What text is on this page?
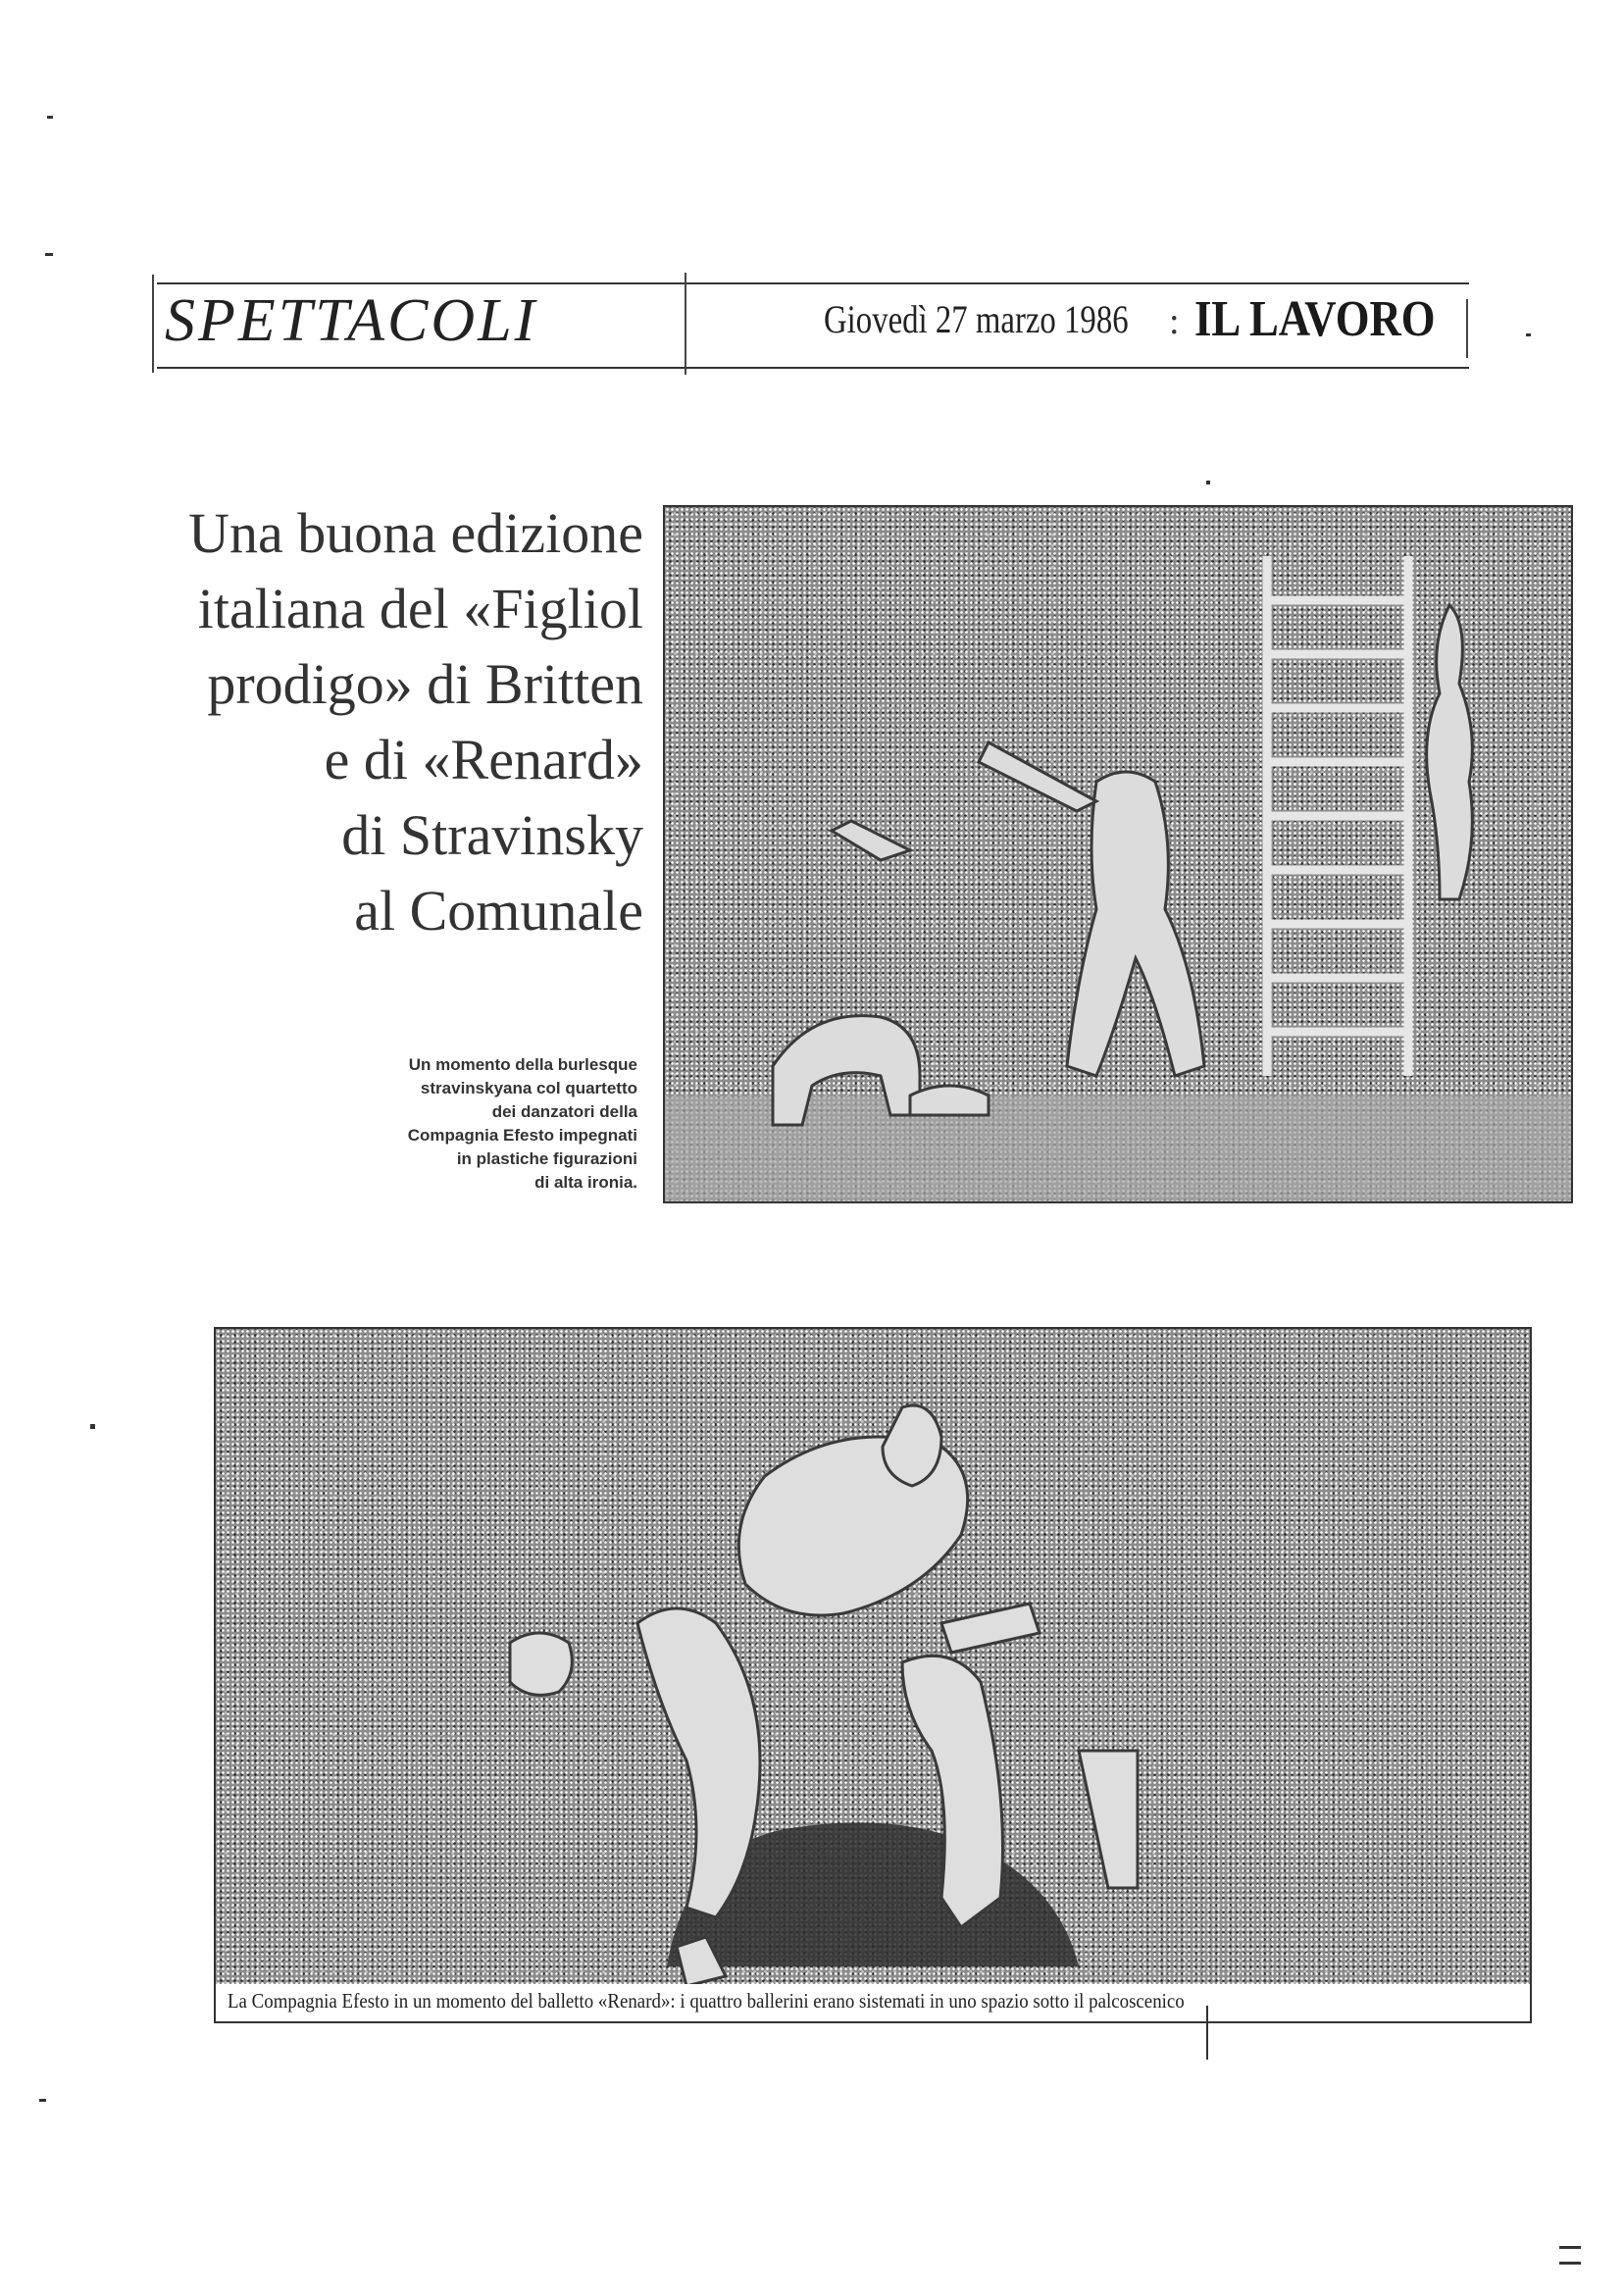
SPETTACOLI	Giovedì 27 marzo 1986 : IL LAVORO
Una buona edizione
italiana del «Figliol
prodigo» di Britten
e di «Renard»
di Stravinsky
al Comunale
Un momento della burlesque
stravinskyana col quartetto
dei danzatori della
Compagnia Efesto impegnati
in plastiche figurazioni
di alta ironia.
La Compagnia Efesto in un momento del balletto «Renard»: i quattro ballerini erano sistemati in uno spazio sotto il palcoscenico
